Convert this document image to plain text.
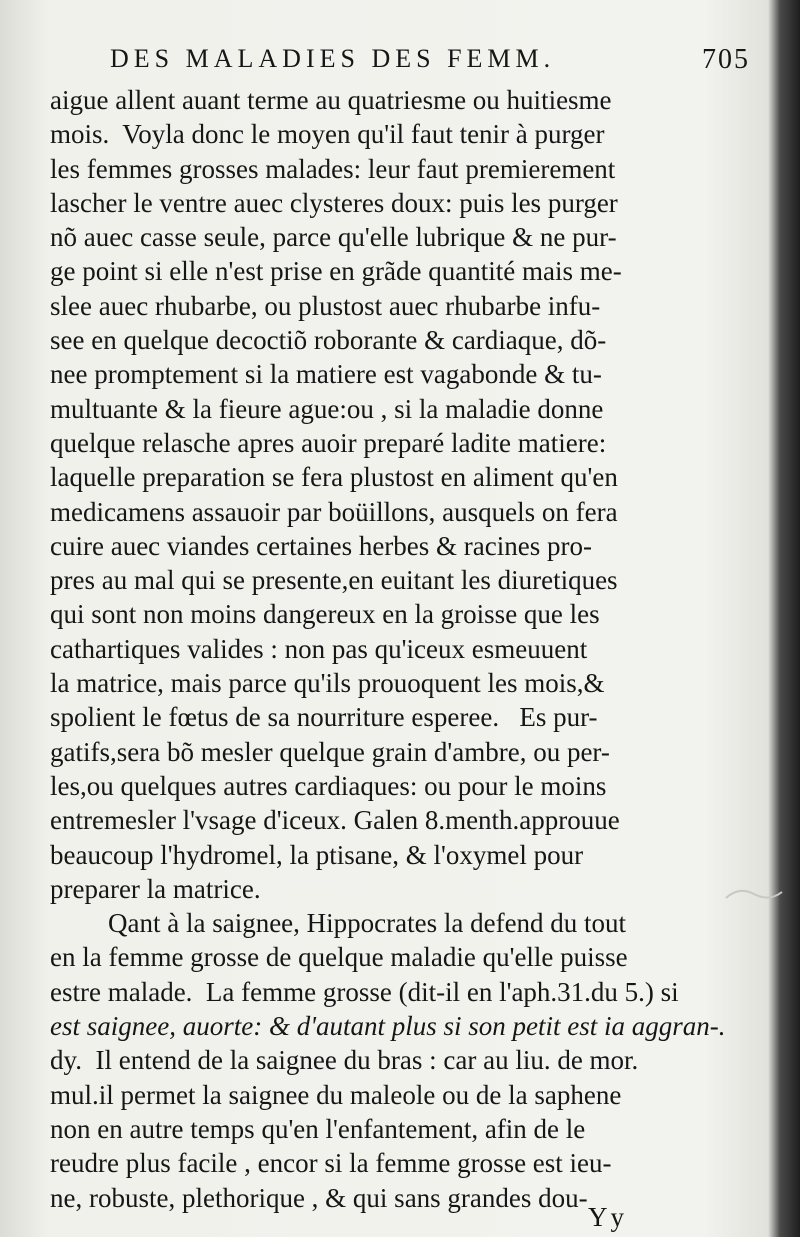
DES MALADIES DES FEMM.	705
aigue allent auant terme au quatriesme ou huitiesme
mois.  Voyla donc le moyen qu'il faut tenir à purger
les femmes grosses malades: leur faut premierement
lascher le ventre auec clysteres doux: puis les purger
nõ auec casse seule, parce qu'elle lubrique & ne pur-
ge point si elle n'est prise en grãde quantité mais me-
slee auec rhubarbe, ou plustost auec rhubarbe infu-
see en quelque decoctiõ roborante & cardiaque, dõ-
nee promptement si la matiere est vagabonde & tu-
multuante & la fieure ague:ou , si la maladie donne
quelque relasche apres auoir preparé ladite matiere:
laquelle preparation se fera plustost en aliment qu'en
medicamens assauoir par boüillons, ausquels on fera
cuire auec viandes certaines herbes & racines pro-
pres au mal qui se presente,en euitant les diuretiques
qui sont non moins dangereux en la groisse que les
cathartiques valides : non pas qu'iceux esmeuuent
la matrice, mais parce qu'ils prouoquent les mois,&
spolient le fœtus de sa nourriture esperee.   Es pur-
gatifs,sera bõ mesler quelque grain d'ambre, ou per-
les,ou quelques autres cardiaques: ou pour le moins
entremesler l'vsage d'iceux. Galen 8.menth.approuue
beaucoup l'hydromel, la ptisane, & l'oxymel pour
preparer la matrice.
Qant à la saignee, Hippocrates la defend du tout
en la femme grosse de quelque maladie qu'elle puisse
estre malade.  La femme grosse (dit-il en l'aph.31.du 5.) si
est saignee, auorte: & d'autant plus si son petit est ia aggran-.
dy.  Il entend de la saignee du bras : car au liu. de mor.
mul.il permet la saignee du maleole ou de la saphene
non en autre temps qu'en l'enfantement, afin de le
reudre plus facile , encor si la femme grosse est ieu-
ne, robuste, plethorique , & qui sans grandes dou-
Yy
